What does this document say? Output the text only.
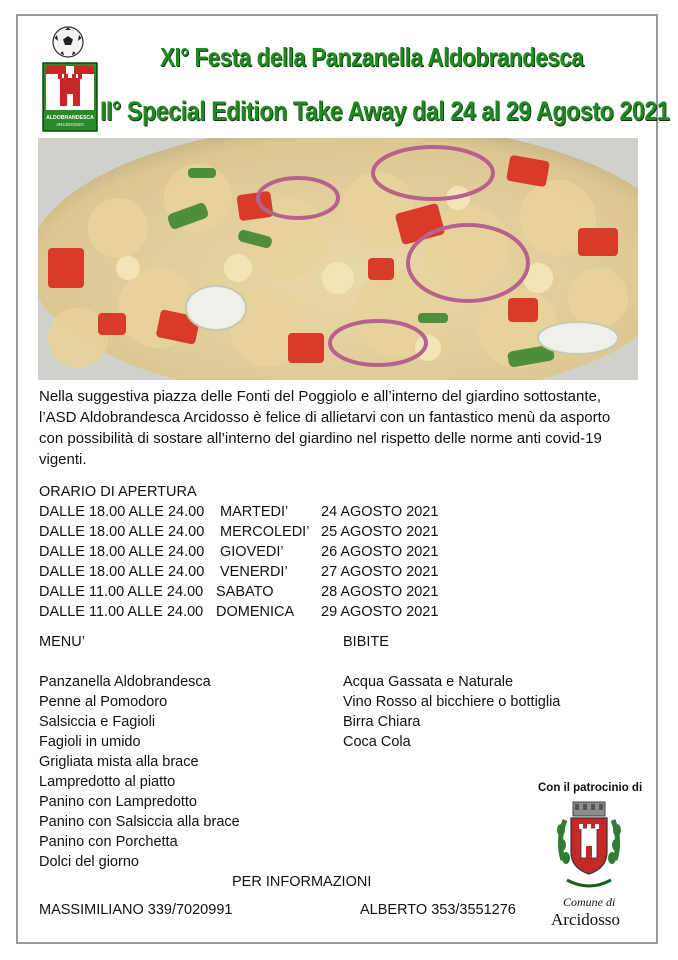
ALDOBRANDESCA
ARCIDOSSO
XI° Festa della Panzanella Aldobrandesca
II° Special Edition Take Away dal 24 al 29 Agosto 2021
Nella suggestiva piazza delle Fonti del Poggiolo e all’interno del giardino sottostante,
l’ASD Aldobrandesca Arcidosso è felice di allietarvi con un fantastico menù da asporto
con possibilità di sostare all’interno del giardino nel rispetto delle norme anti covid-19
vigenti.
ORARIO DI APERTURA
DALLE 18.00 ALLE 24.00 MARTEDI’ 24 AGOSTO 2021
DALLE 18.00 ALLE 24.00 MERCOLEDI’ 25 AGOSTO 2021
DALLE 18.00 ALLE 24.00 GIOVEDI’	26 AGOSTO 2021
DALLE 18.00 ALLE 24.00 VENERDI’ 27 AGOSTO 2021
DALLE 11.00 ALLE 24.00 SABATO	28 AGOSTO 2021
DALLE 11.00 ALLE 24.00 DOMENICA 29 AGOSTO 2021
MENU’	BIBITE
Panzanella Aldobrandesca
Penne al Pomodoro
Salsiccia e Fagioli
Fagioli in umido
Grigliata mista alla brace
Lampredotto al piatto
Panino con Lampredotto
Panino con Salsiccia alla brace
Panino con Porchetta
Dolci del giorno
Acqua Gassata e Naturale
Vino Rosso al bicchiere o bottiglia
Birra Chiara
Coca Cola
Con il patrocinio di
Comune di
Arcidosso
PER INFORMAZIONI
MASSIMILIANO 339/7020991	ALBERTO 353/3551276
